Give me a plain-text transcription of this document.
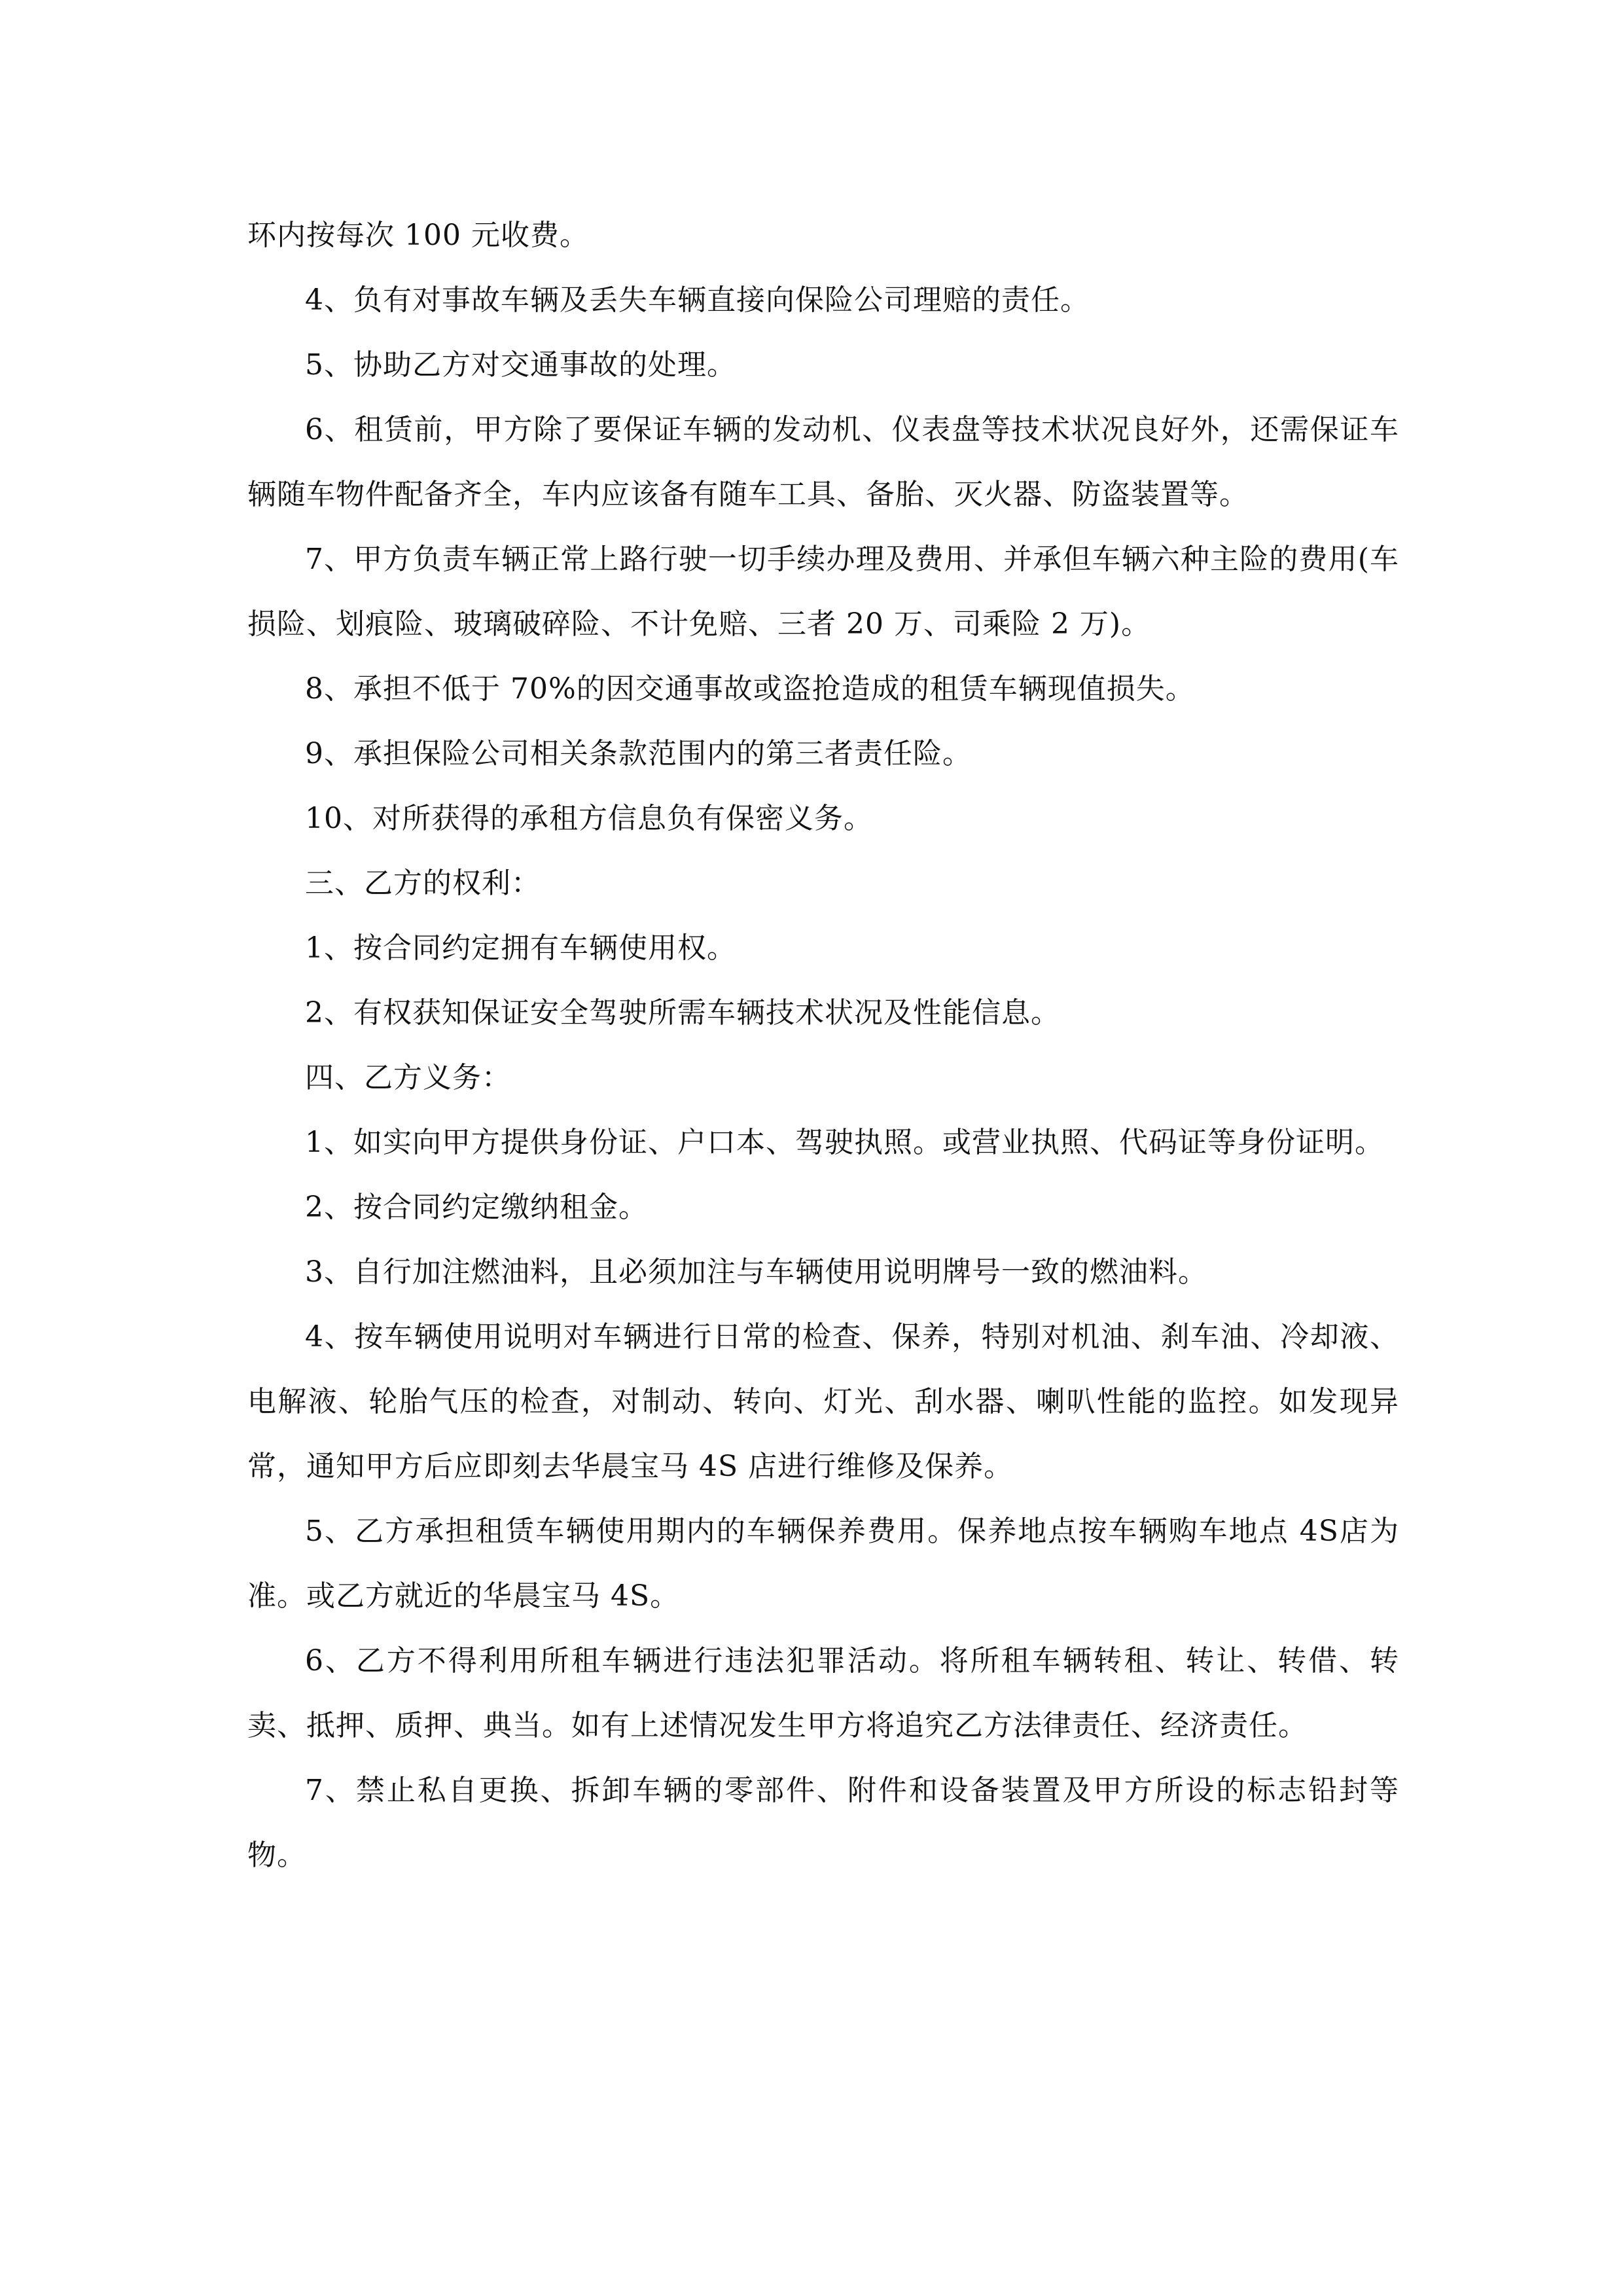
环内按每次 100 元收费。

4、负有对事故车辆及丢失车辆直接向保险公司理赔的责任。

5、协助乙方对交通事故的处理。

6、租赁前，甲方除了要保证车辆的发动机、仪表盘等技术状况良好外，还需保证车辆随车物件配备齐全，车内应该备有随车工具、备胎、灭火器、防盗装置等。

7、甲方负责车辆正常上路行驶一切手续办理及费用、并承但车辆六种主险的费用(车损险、划痕险、玻璃破碎险、不计免赔、三者 20 万、司乘险 2 万)。

8、承担不低于 70%的因交通事故或盗抢造成的租赁车辆现值损失。

9、承担保险公司相关条款范围内的第三者责任险。

10、对所获得的承租方信息负有保密义务。

三、乙方的权利：

1、按合同约定拥有车辆使用权。

2、有权获知保证安全驾驶所需车辆技术状况及性能信息。

四、乙方义务：

1、如实向甲方提供身份证、户口本、驾驶执照。或营业执照、代码证等身份证明。

2、按合同约定缴纳租金。

3、自行加注燃油料，且必须加注与车辆使用说明牌号一致的燃油料。

4、按车辆使用说明对车辆进行日常的检查、保养，特别对机油、刹车油、冷却液、电解液、轮胎气压的检查，对制动、转向、灯光、刮水器、喇叭性能的监控。如发现异常，通知甲方后应即刻去华晨宝马 4S 店进行维修及保养。

5、乙方承担租赁车辆使用期内的车辆保养费用。保养地点按车辆购车地点 4S店为准。或乙方就近的华晨宝马 4S。

6、乙方不得利用所租车辆进行违法犯罪活动。将所租车辆转租、转让、转借、转卖、抵押、质押、典当。如有上述情况发生甲方将追究乙方法律责任、经济责任。

7、禁止私自更换、拆卸车辆的零部件、附件和设备装置及甲方所设的标志铅封等物。
